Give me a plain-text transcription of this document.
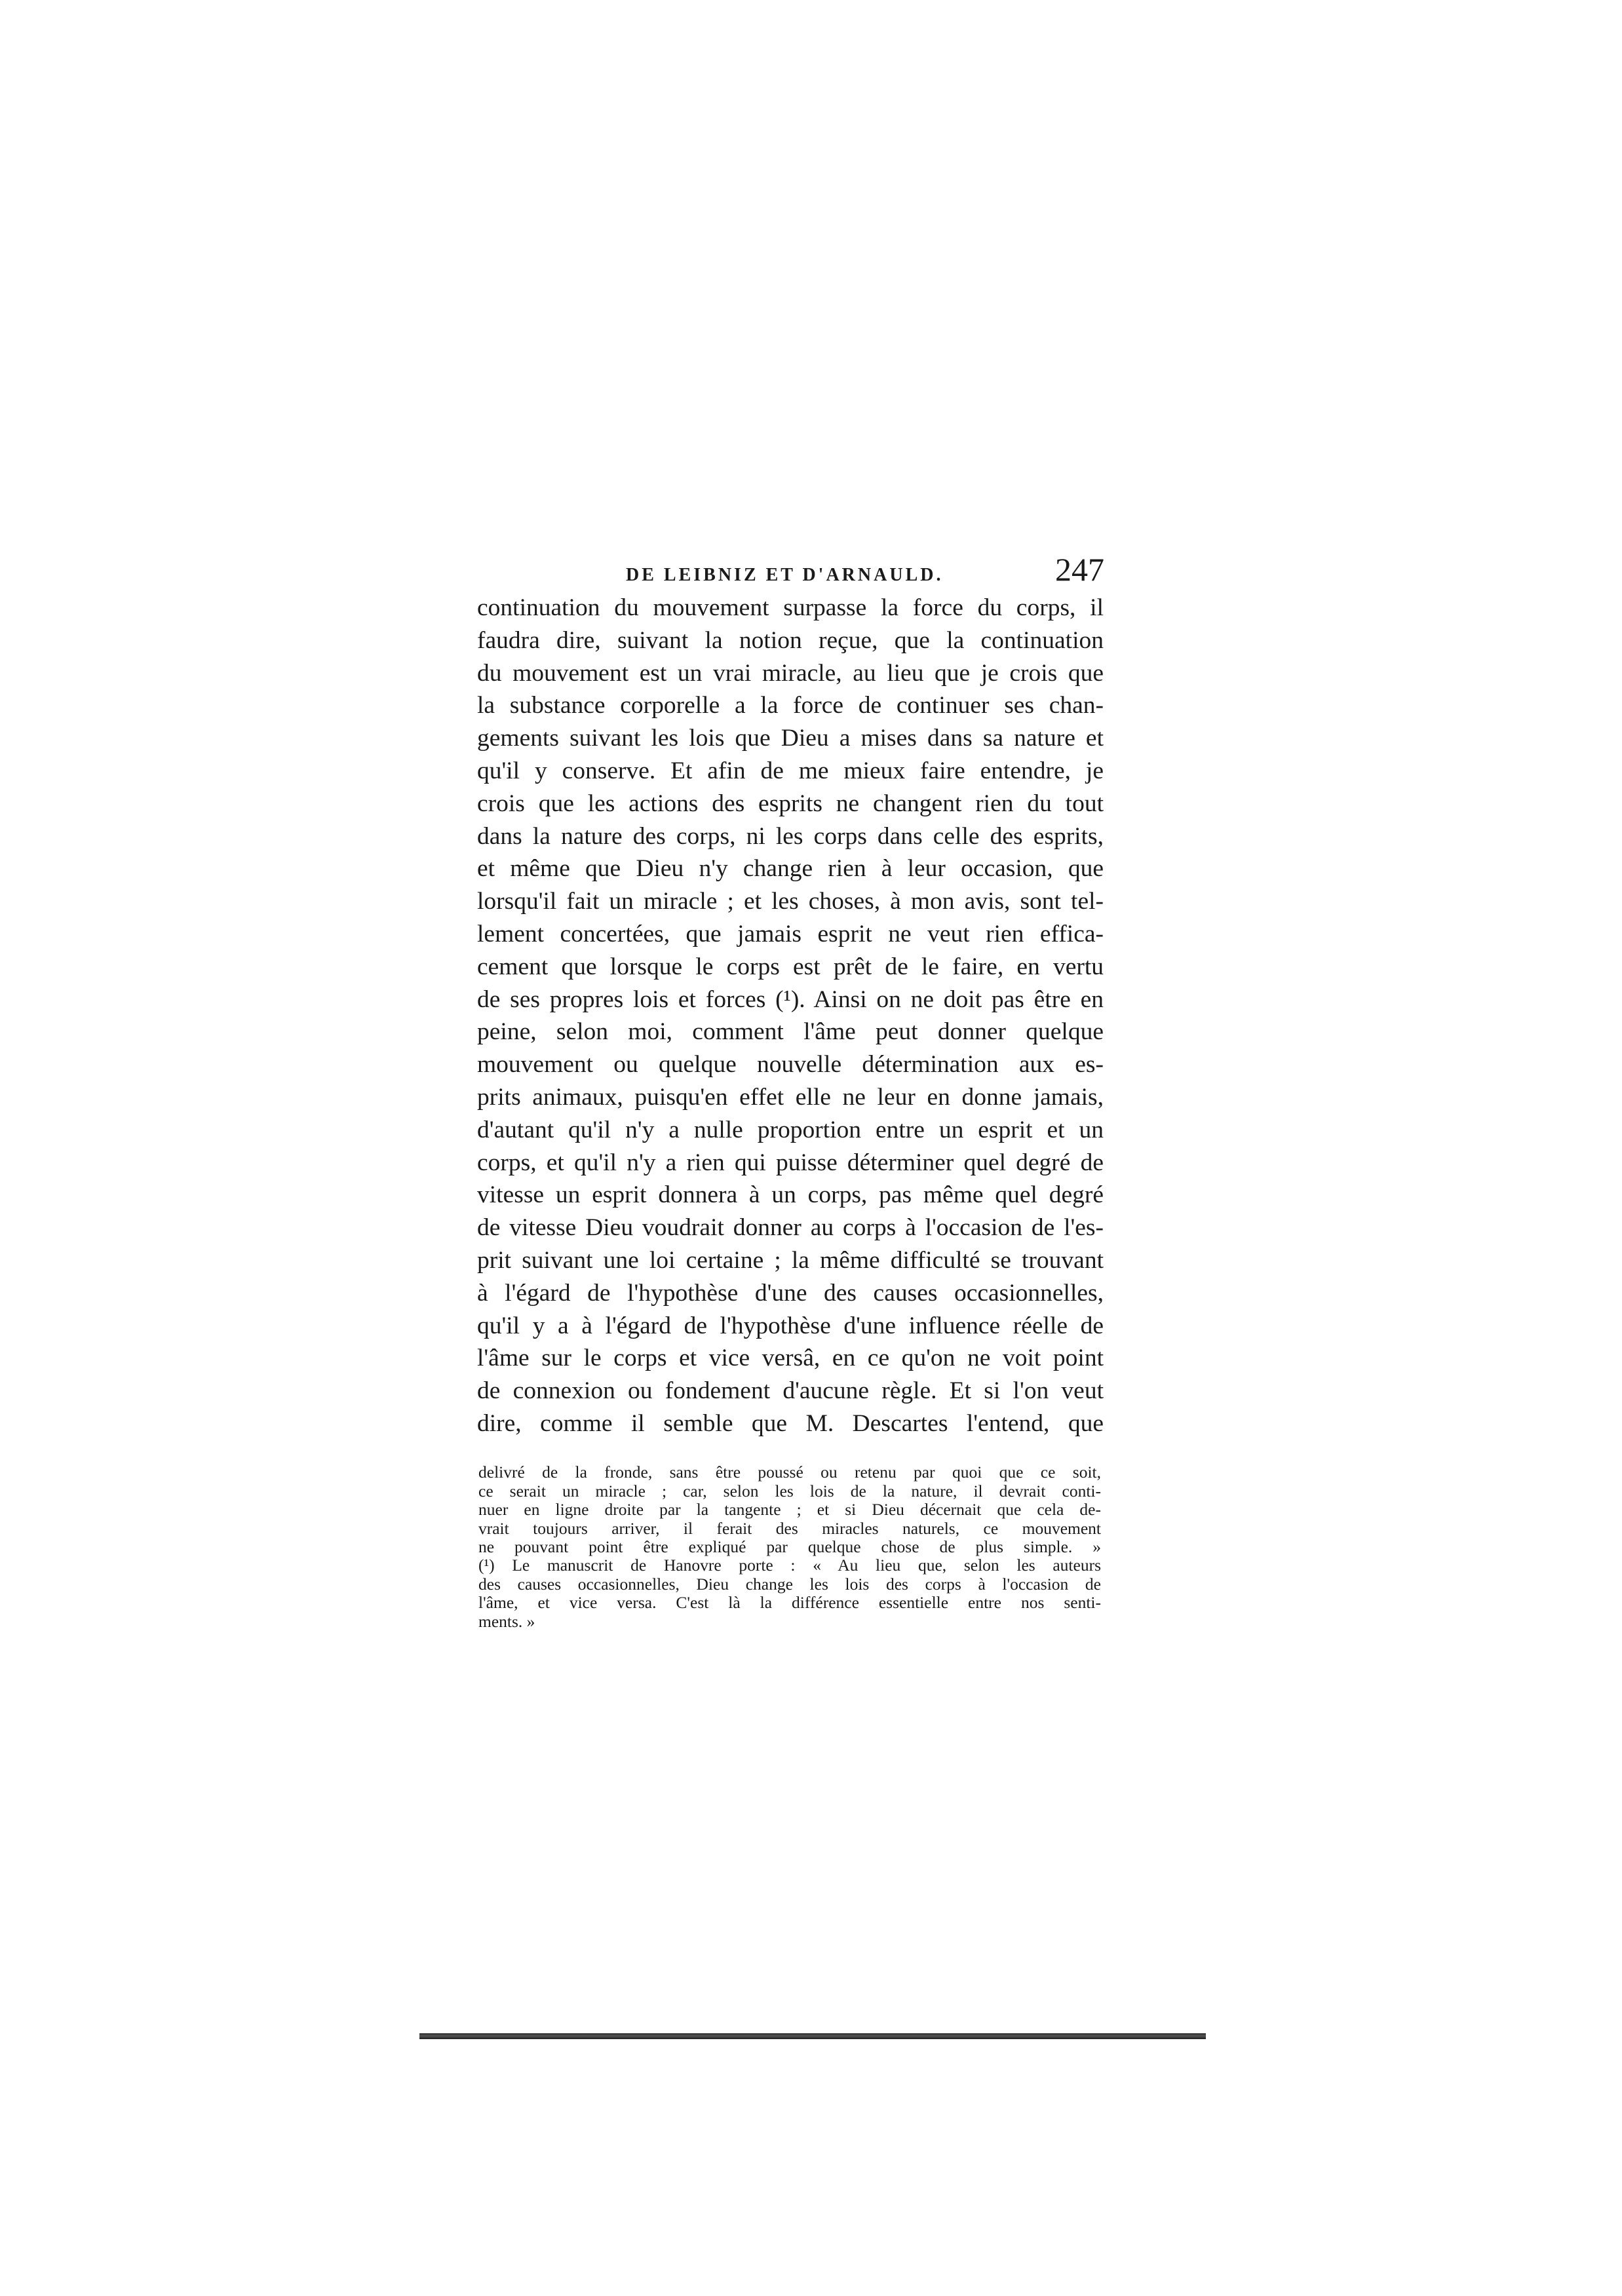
DE LEIBNIZ ET D'ARNAULD.	247
continuation du mouvement surpasse la force du corps, il
faudra dire, suivant la notion reçue, que la continuation
du mouvement est un vrai miracle, au lieu que je crois que
la substance corporelle a la force de continuer ses chan-
gements suivant les lois que Dieu a mises dans sa nature et
qu'il y conserve. Et afin de me mieux faire entendre, je
crois que les actions des esprits ne changent rien du tout
dans la nature des corps, ni les corps dans celle des esprits,
et même que Dieu n'y change rien à leur occasion, que
lorsqu'il fait un miracle ; et les choses, à mon avis, sont tel-
lement concertées, que jamais esprit ne veut rien effica-
cement que lorsque le corps est prêt de le faire, en vertu
de ses propres lois et forces (¹). Ainsi on ne doit pas être en
peine, selon moi, comment l'âme peut donner quelque
mouvement ou quelque nouvelle détermination aux es-
prits animaux, puisqu'en effet elle ne leur en donne jamais,
d'autant qu'il n'y a nulle proportion entre un esprit et un
corps, et qu'il n'y a rien qui puisse déterminer quel degré de
vitesse un esprit donnera à un corps, pas même quel degré
de vitesse Dieu voudrait donner au corps à l'occasion de l'es-
prit suivant une loi certaine ; la même difficulté se trouvant
à l'égard de l'hypothèse d'une des causes occasionnelles,
qu'il y a à l'égard de l'hypothèse d'une influence réelle de
l'âme sur le corps et vice versâ, en ce qu'on ne voit point
de connexion ou fondement d'aucune règle. Et si l'on veut
dire, comme il semble que M. Descartes l'entend, que
delivré de la fronde, sans être poussé ou retenu par quoi que ce soit,
ce serait un miracle ; car, selon les lois de la nature, il devrait conti-
nuer en ligne droite par la tangente ; et si Dieu décernait que cela de-
vrait toujours arriver, il ferait des miracles naturels, ce mouvement
ne pouvant point être expliqué par quelque chose de plus simple. »
(¹) Le manuscrit de Hanovre porte : « Au lieu que, selon les auteurs
des causes occasionnelles, Dieu change les lois des corps à l'occasion de
l'âme, et vice versa. C'est là la différence essentielle entre nos senti-
ments. »
